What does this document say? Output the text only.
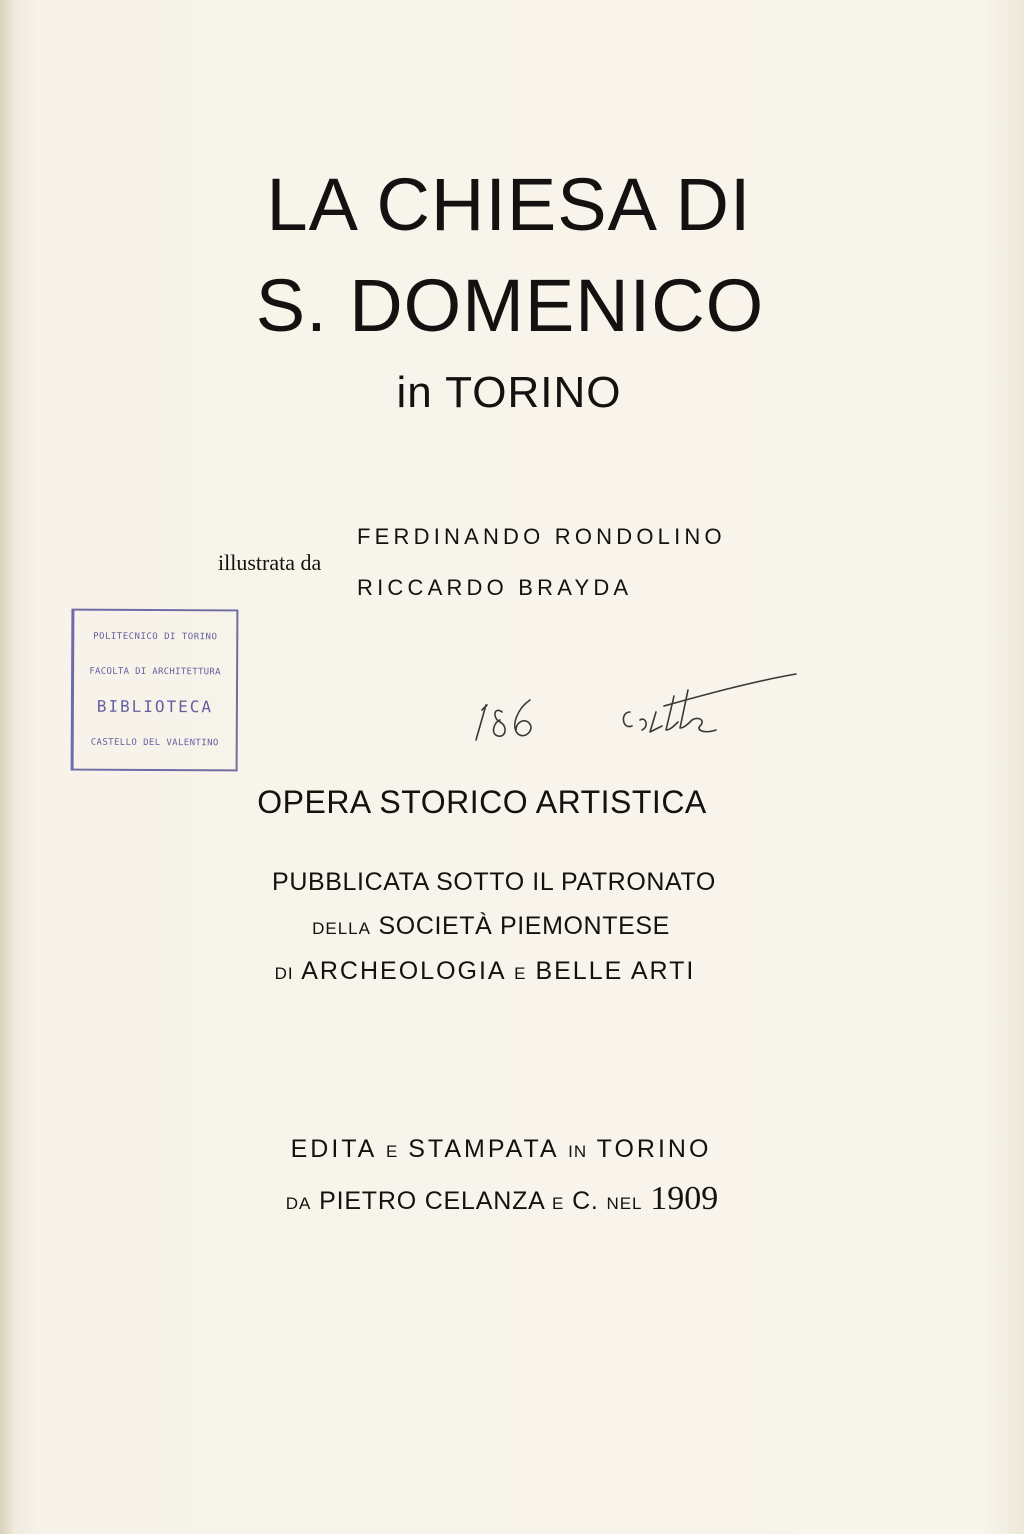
LA CHIESA DI
S. DOMENICO
in TORINO
FERDINANDO RONDOLINO
illustrata da
RICCARDO BRAYDA
POLITECNICO DI TORINO
FACOLTÀ DI ARCHITETTURA
BIBLIOTECA
CASTELLO DEL VALENTINO
OPERA STORICO ARTISTICA
PUBBLICATA SOTTO IL PATRONATO
DELLA SOCIETÀ PIEMONTESE
DI ARCHEOLOGIA E BELLE ARTI
EDITA E STAMPATA IN TORINO
DA PIETRO CELANZA E C. NEL 1909
